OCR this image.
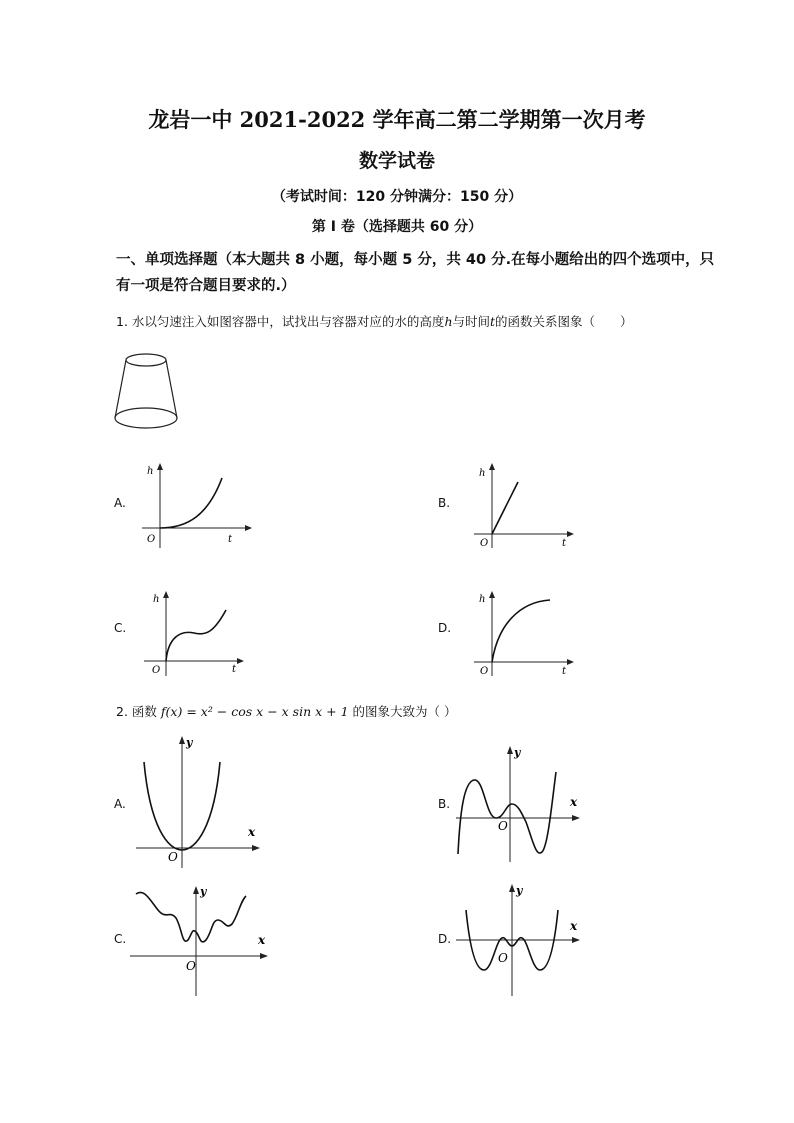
龙岩一中 2021-2022 学年高二第二学期第一次月考
数学试卷
（考试时间：120 分钟满分：150 分）
第 Ⅰ 卷（选择题共 60 分）
一、单项选择题（本大题共 8 小题，每小题 5 分，共 40 分.在每小题给出的四个选项中，只有一项是符合题目要求的.）
1. 水以匀速注入如图容器中，试找出与容器对应的水的高度h与时间t的函数关系图象（　　）
A.	B.
C.	D.
h
O	t
h
O	t
h
O	t
h
O	t
2. 函数 f(x) = x² − cos x − x sin x + 1 的图象大致为（ ）
A.	B.
C.	D.
y
O
x
y
O
x
y
O
x
y
O
x
